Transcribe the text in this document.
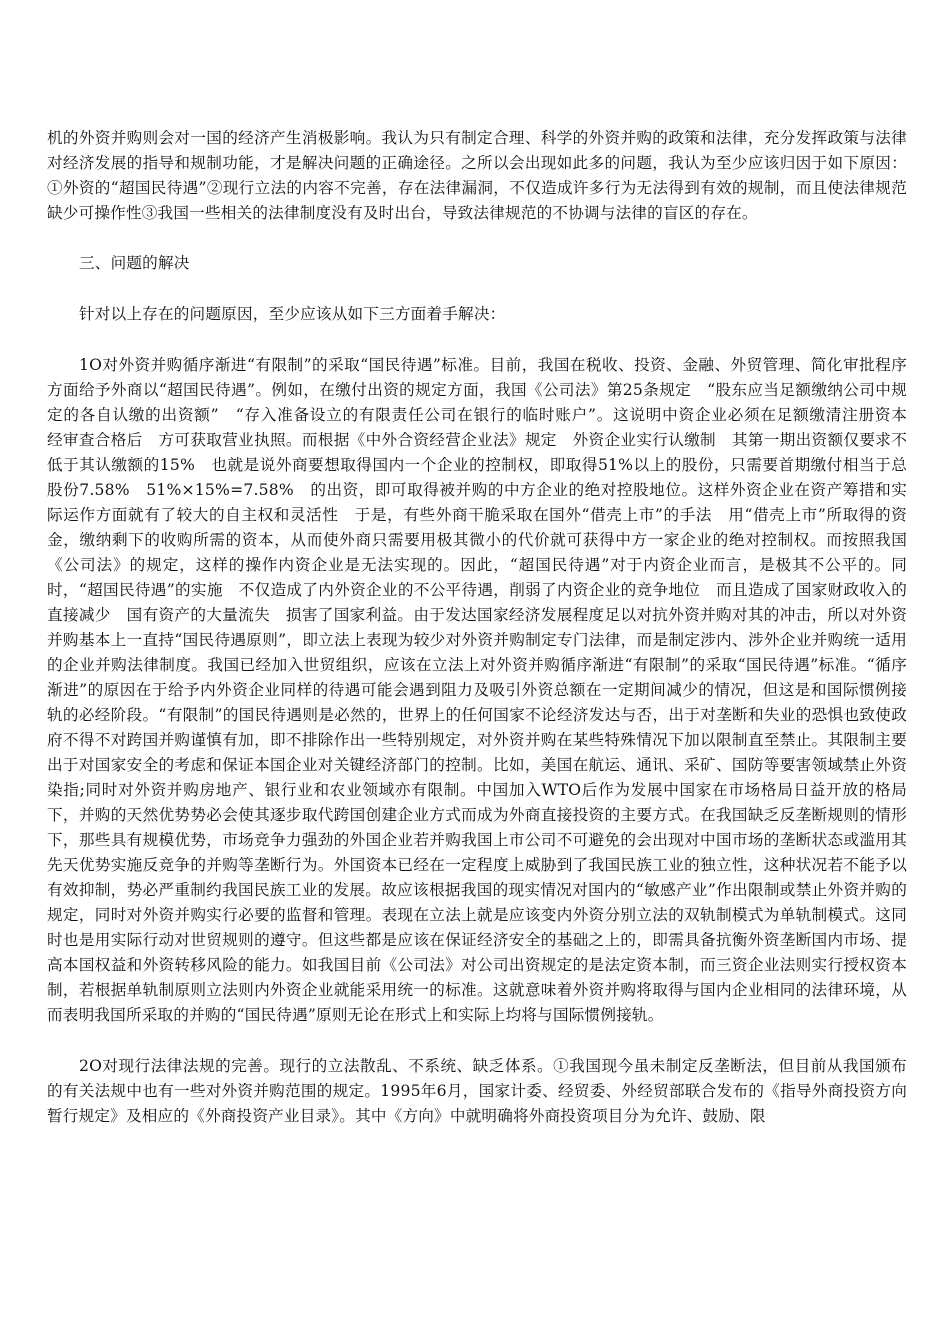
机的外资并购则会对一国的经济产生消极影响。我认为只有制定合理、科学的外资并购的政策和法律，充分发挥政策与法律对经济发展的指导和规制功能，才是解决问题的正确途径。之所以会出现如此多的问题，我认为至少应该归因于如下原因：①外资的“超国民待遇”②现行立法的内容不完善，存在法律漏洞，不仅造成许多行为无法得到有效的规制，而且使法律规范缺少可操作性③我国一些相关的法律制度没有及时出台，导致法律规范的不协调与法律的盲区的存在。

三、问题的解决

针对以上存在的问题原因，至少应该从如下三方面着手解决：

1O对外资并购循序渐进“有限制”的采取“国民待遇”标准。目前，我国在税收、投资、金融、外贸管理、简化审批程序方面给予外商以“超国民待遇”。例如，在缴付出资的规定方面，我国《公司法》第25条规定　“股东应当足额缴纳公司中规定的各自认缴的出资额”　“存入准备设立的有限责任公司在银行的临时账户”。这说明中资企业必须在足额缴清注册资本　经审查合格后　方可获取营业执照。而根据《中外合资经营企业法》规定　外资企业实行认缴制　其第一期出资额仅要求不低于其认缴额的15%　也就是说外商要想取得国内一个企业的控制权，即取得51%以上的股份，只需要首期缴付相当于总股份7.58%　51%×15%=7.58%　的出资，即可取得被并购的中方企业的绝对控股地位。这样外资企业在资产筹措和实际运作方面就有了较大的自主权和灵活性　于是，有些外商干脆采取在国外“借壳上市”的手法　用“借壳上市”所取得的资金，缴纳剩下的收购所需的资本，从而使外商只需要用极其微小的代价就可获得中方一家企业的绝对控制权。而按照我国《公司法》的规定，这样的操作内资企业是无法实现的。因此，“超国民待遇”对于内资企业而言，是极其不公平的。同时，“超国民待遇”的实施　不仅造成了内外资企业的不公平待遇，削弱了内资企业的竞争地位　而且造成了国家财政收入的直接减少　国有资产的大量流失　损害了国家利益。由于发达国家经济发展程度足以对抗外资并购对其的冲击，所以对外资并购基本上一直持“国民待遇原则”，即立法上表现为较少对外资并购制定专门法律，而是制定涉内、涉外企业并购统一适用的企业并购法律制度。我国已经加入世贸组织，应该在立法上对外资并购循序渐进“有限制”的采取“国民待遇”标准。“循序渐进”的原因在于给予内外资企业同样的待遇可能会遇到阻力及吸引外资总额在一定期间减少的情况，但这是和国际惯例接轨的必经阶段。“有限制”的国民待遇则是必然的，世界上的任何国家不论经济发达与否，出于对垄断和失业的恐惧也致使政府不得不对跨国并购谨慎有加，即不排除作出一些特别规定，对外资并购在某些特殊情况下加以限制直至禁止。其限制主要出于对国家安全的考虑和保证本国企业对关键经济部门的控制。比如，美国在航运、通讯、采矿、国防等要害领域禁止外资染指;同时对外资并购房地产、银行业和农业领域亦有限制。中国加入WTO后作为发展中国家在市场格局日益开放的格局下，并购的天然优势势必会使其逐步取代跨国创建企业方式而成为外商直接投资的主要方式。在我国缺乏反垄断规则的情形下，那些具有规模优势，市场竞争力强劲的外国企业若并购我国上市公司不可避免的会出现对中国市场的垄断状态或滥用其先天优势实施反竞争的并购等垄断行为。外国资本已经在一定程度上威胁到了我国民族工业的独立性，这种状况若不能予以有效抑制，势必严重制约我国民族工业的发展。故应该根据我国的现实情况对国内的“敏感产业”作出限制或禁止外资并购的规定，同时对外资并购实行必要的监督和管理。表现在立法上就是应该变内外资分别立法的双轨制模式为单轨制模式。这同时也是用实际行动对世贸规则的遵守。但这些都是应该在保证经济安全的基础之上的，即需具备抗衡外资垄断国内市场、提高本国权益和外资转移风险的能力。如我国目前《公司法》对公司出资规定的是法定资本制，而三资企业法则实行授权资本制，若根据单轨制原则立法则内外资企业就能采用统一的标准。这就意味着外资并购将取得与国内企业相同的法律环境，从而表明我国所采取的并购的“国民待遇”原则无论在形式上和实际上均将与国际惯例接轨。

2O对现行法律法规的完善。现行的立法散乱、不系统、缺乏体系。①我国现今虽未制定反垄断法，但目前从我国颁布的有关法规中也有一些对外资并购范围的规定。1995年6月，国家计委、经贸委、外经贸部联合发布的《指导外商投资方向暂行规定》及相应的《外商投资产业目录》。其中《方向》中就明确将外商投资项目分为允许、鼓励、限
